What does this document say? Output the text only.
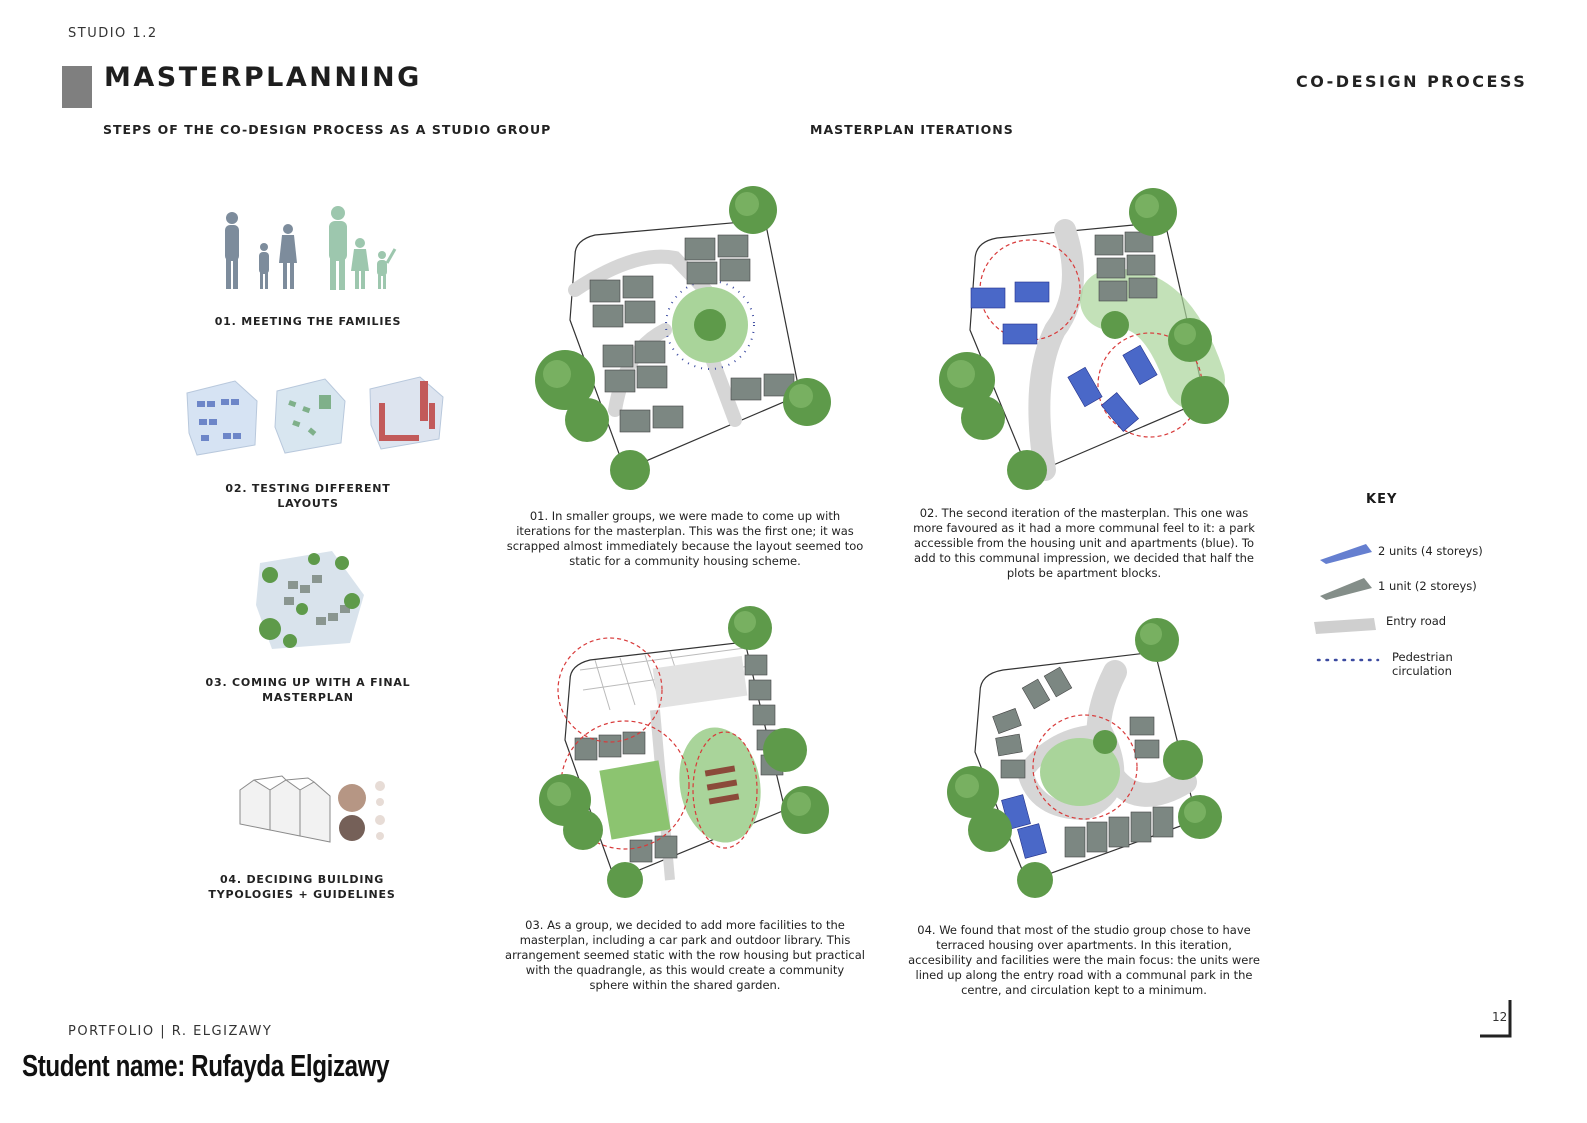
STUDIO 1.2
MASTERPLANNING	CO-DESIGN PROCESS
STEPS OF THE CO-DESIGN PROCESS AS A STUDIO GROUP	MASTERPLAN ITERATIONS
01. MEETING THE FAMILIES
02. TESTING DIFFERENT LAYOUTS
03. COMING UP WITH A FINAL MASTERPLAN
04. DECIDING BUILDING TYPOLOGIES + GUIDELINES
01. In smaller groups, we were made to come up with iterations for the masterplan. This was the first one; it was scrapped almost immediately because the layout seemed too static for a community housing scheme.
02. The second iteration of the masterplan. This one was more favoured as it had a more communal feel to it: a park accessible from the housing unit and apartments (blue). To add to this communal impression, we decided that half the plots be apartment blocks.
03. As a group, we decided to add more facilities to the masterplan, including a car park and outdoor library. This arrangement seemed static with the row housing but practical with the quadrangle, as this would create a community sphere within the shared garden.
04. We found that most of the studio group chose to have terraced housing over apartments. In this iteration, accesibility and facilities were the main focus: the units were lined up along the entry road with a communal park in the centre, and circulation kept to a minimum.
KEY
2 units (4 storeys)
1 unit (2 storeys)
Entry road
Pedestrian circulation
PORTFOLIO | R. ELGIZAWY
12
Student name: Rufayda Elgizawy
